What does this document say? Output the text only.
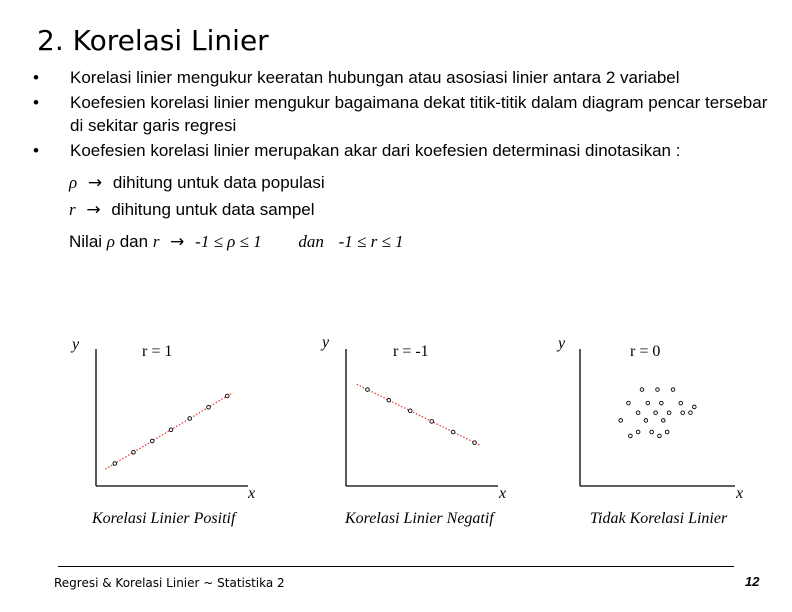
2. Korelasi Linier
• Korelasi linier mengukur keeratan hubungan atau asosiasi linier antara 2 variabel
• Koefesien korelasi linier mengukur bagaimana dekat titik-titik dalam diagram pencar tersebar di sekitar garis regresi
• Koefesien korelasi linier merupakan akar dari koefesien determinasi dinotasikan :
ρ → dihitung untuk data populasi
r → dihitung untuk data sampel
Nilai ρ dan r → -1 ≤ ρ ≤ 1 dan -1 ≤ r ≤ 1
y	r = 1
x
Korelasi Linier Positif
y
r = -1
x
Korelasi Linier Negatif
y	r = 0
x
Tidak Korelasi Linier
Regresi & Korelasi Linier ~ Statistika 2	12
